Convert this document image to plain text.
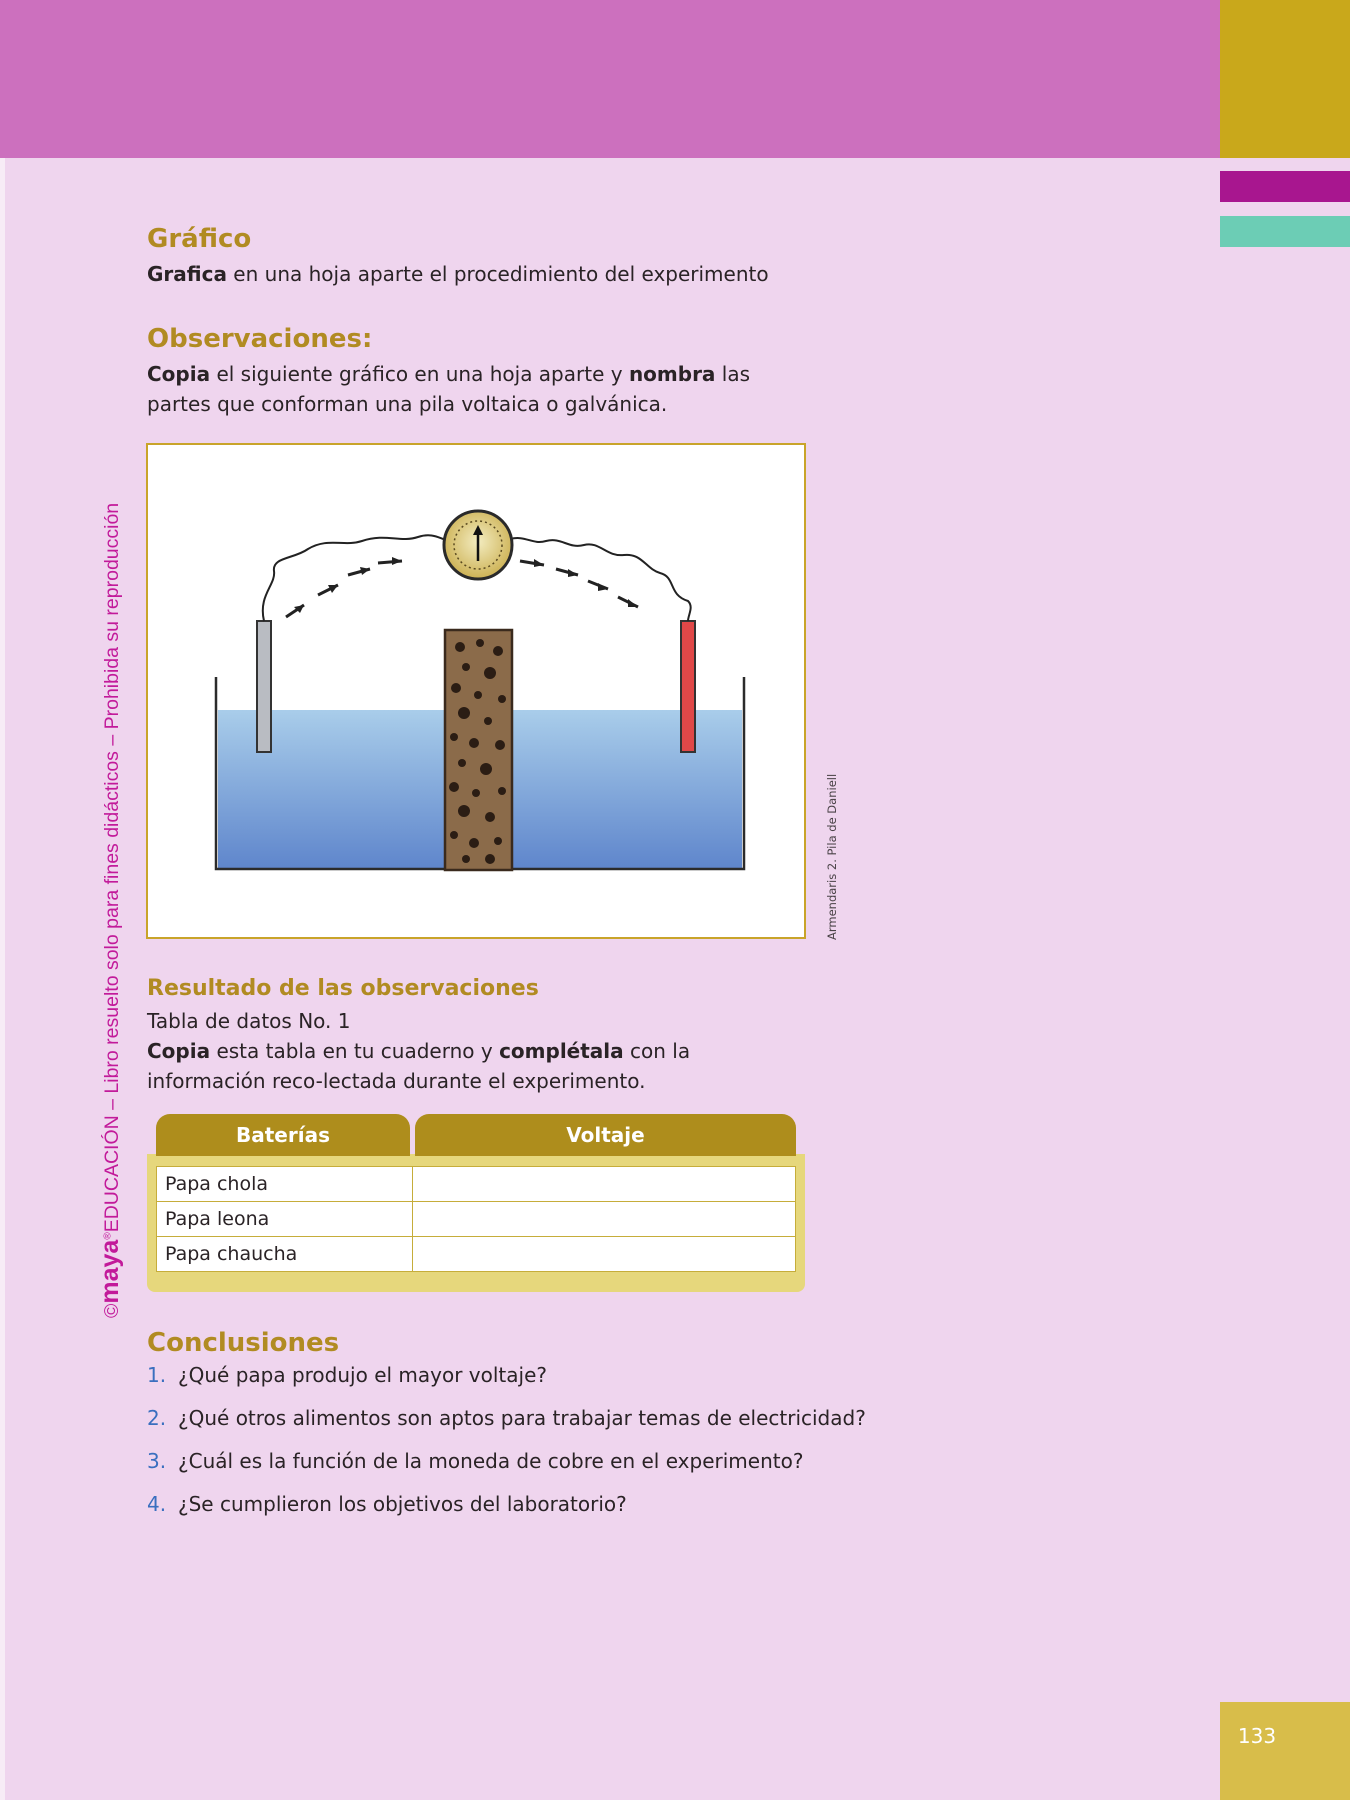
©maya®EDUCACIÓN – Libro resuelto solo para fines didácticos – Prohibida su reproducción
Gráfico

Grafica en una hoja aparte el procedimiento del experimento

Observaciones:

Copia el siguiente gráfico en una hoja aparte y nombra las partes que conforman una pila voltaica o galvánica.

Armendaris 2. Pila de Daniell
Resultado de las observaciones

Tabla de datos No. 1

Copia esta tabla en tu cuaderno y complétala con la información reco-lectada durante el experimento.

Baterías	Voltaje
Papa chola	
Papa leona	
Papa chaucha	
Conclusiones
1. ¿Qué papa produjo el mayor voltaje?
2. ¿Qué otros alimentos son aptos para trabajar temas de electricidad?
3. ¿Cuál es la función de la moneda de cobre en el experimento?
4. ¿Se cumplieron los objetivos del laboratorio?
133
